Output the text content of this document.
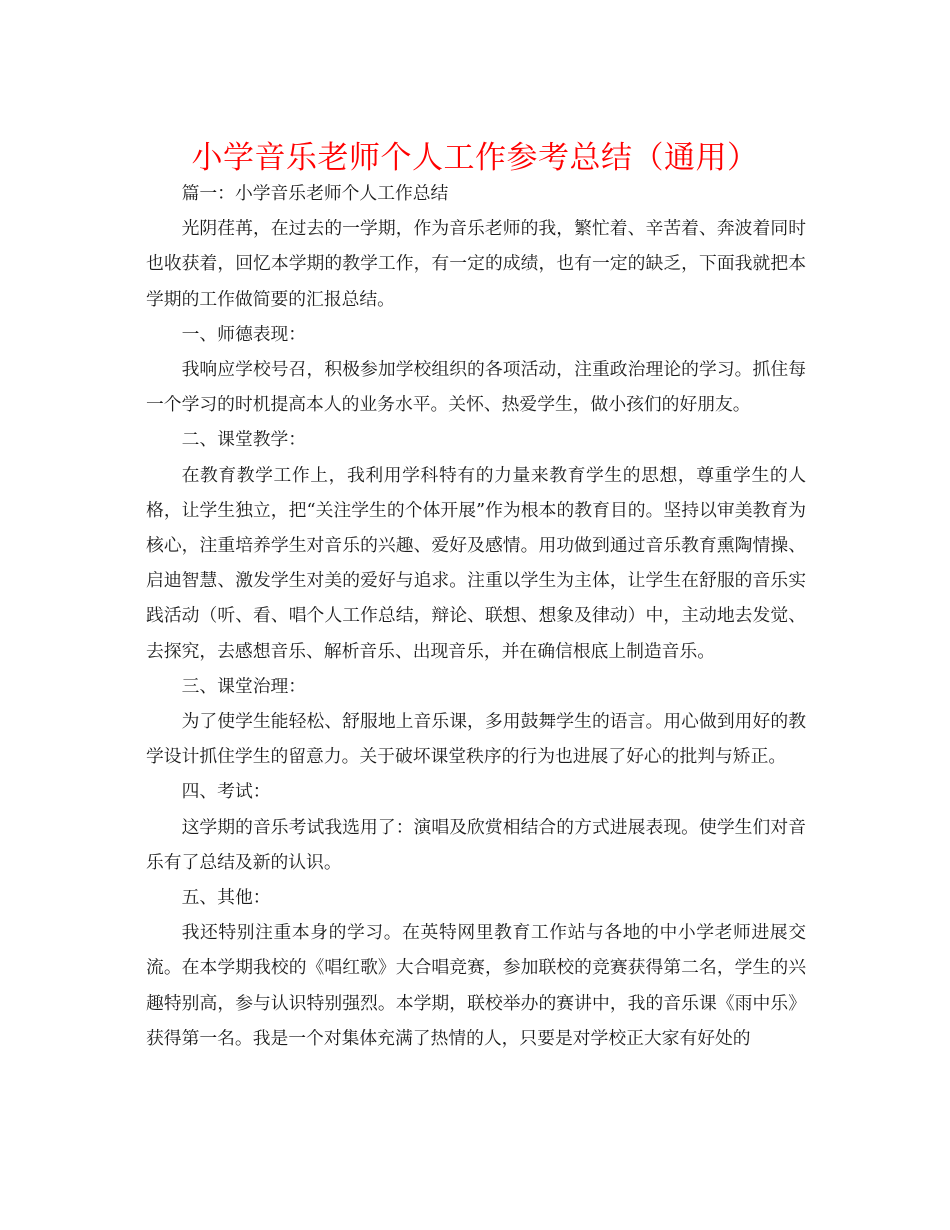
小学音乐老师个人工作参考总结（通用）

篇一：小学音乐老师个人工作总结

光阴荏苒，在过去的一学期，作为音乐老师的我，繁忙着、辛苦着、奔波着同时也收获着，回忆本学期的教学工作，有一定的成绩，也有一定的缺乏，下面我就把本学期的工作做简要的汇报总结。

一、师德表现：

我响应学校号召，积极参加学校组织的各项活动，注重政治理论的学习。抓住每一个学习的时机提高本人的业务水平。关怀、热爱学生，做小孩们的好朋友。

二、课堂教学：

在教育教学工作上，我利用学科特有的力量来教育学生的思想，尊重学生的人格，让学生独立，把“关注学生的个体开展”作为根本的教育目的。坚持以审美教育为核心，注重培养学生对音乐的兴趣、爱好及感情。用功做到通过音乐教育熏陶情操、启迪智慧、激发学生对美的爱好与追求。注重以学生为主体，让学生在舒服的音乐实践活动（听、看、唱个人工作总结，辩论、联想、想象及律动）中，主动地去发觉、去探究，去感想音乐、解析音乐、出现音乐，并在确信根底上制造音乐。

三、课堂治理：

为了使学生能轻松、舒服地上音乐课，多用鼓舞学生的语言。用心做到用好的教学设计抓住学生的留意力。关于破坏课堂秩序的行为也进展了好心的批判与矫正。

四、考试：

这学期的音乐考试我选用了：演唱及欣赏相结合的方式进展表现。使学生们对音乐有了总结及新的认识。

五、其他：

我还特别注重本身的学习。在英特网里教育工作站与各地的中小学老师进展交流。在本学期我校的《唱红歌》大合唱竞赛，参加联校的竞赛获得第二名，学生的兴趣特别高，参与认识特别强烈。本学期，联校举办的赛讲中，我的音乐课《雨中乐》获得第一名。我是一个对集体充满了热情的人，只要是对学校正大家有好处的
